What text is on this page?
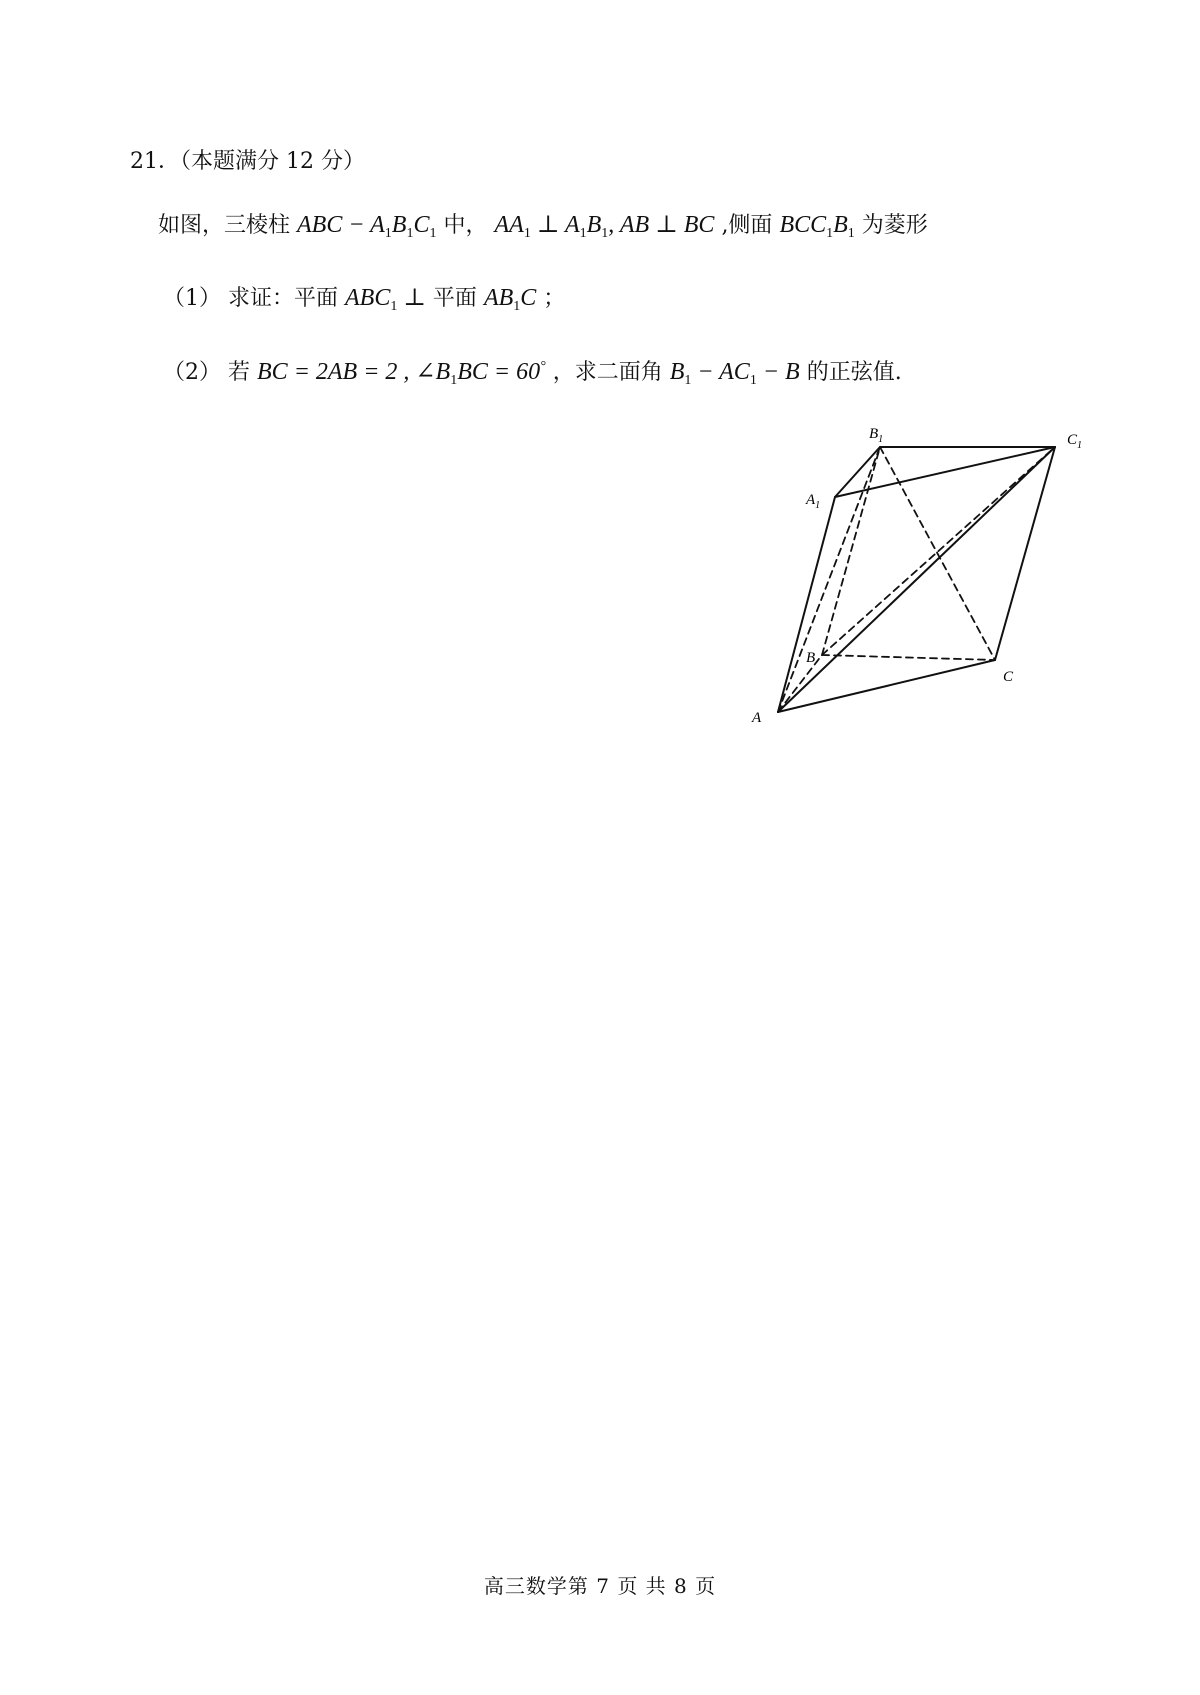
21．（本题满分 12 分）
如图，三棱柱 ABC − $A_1B_1C_1$ 中， $AA_1$ ⊥ $A_1B_1$, AB ⊥ BC ,侧面 $BCC_1B_1$ 为菱形
（1） 求证：平面 $ABC_1$ ⊥ 平面 $AB_1C$ ；
（2） 若 BC = 2AB = 2 , $\angle B_1BC = 60^\circ$ ，求二面角 $B_1 - AC_1 - B$ 的正弦值.
A
B
C
$A_1$
$B_1$	$C_1$
高三数学第 7 页 共 8 页
